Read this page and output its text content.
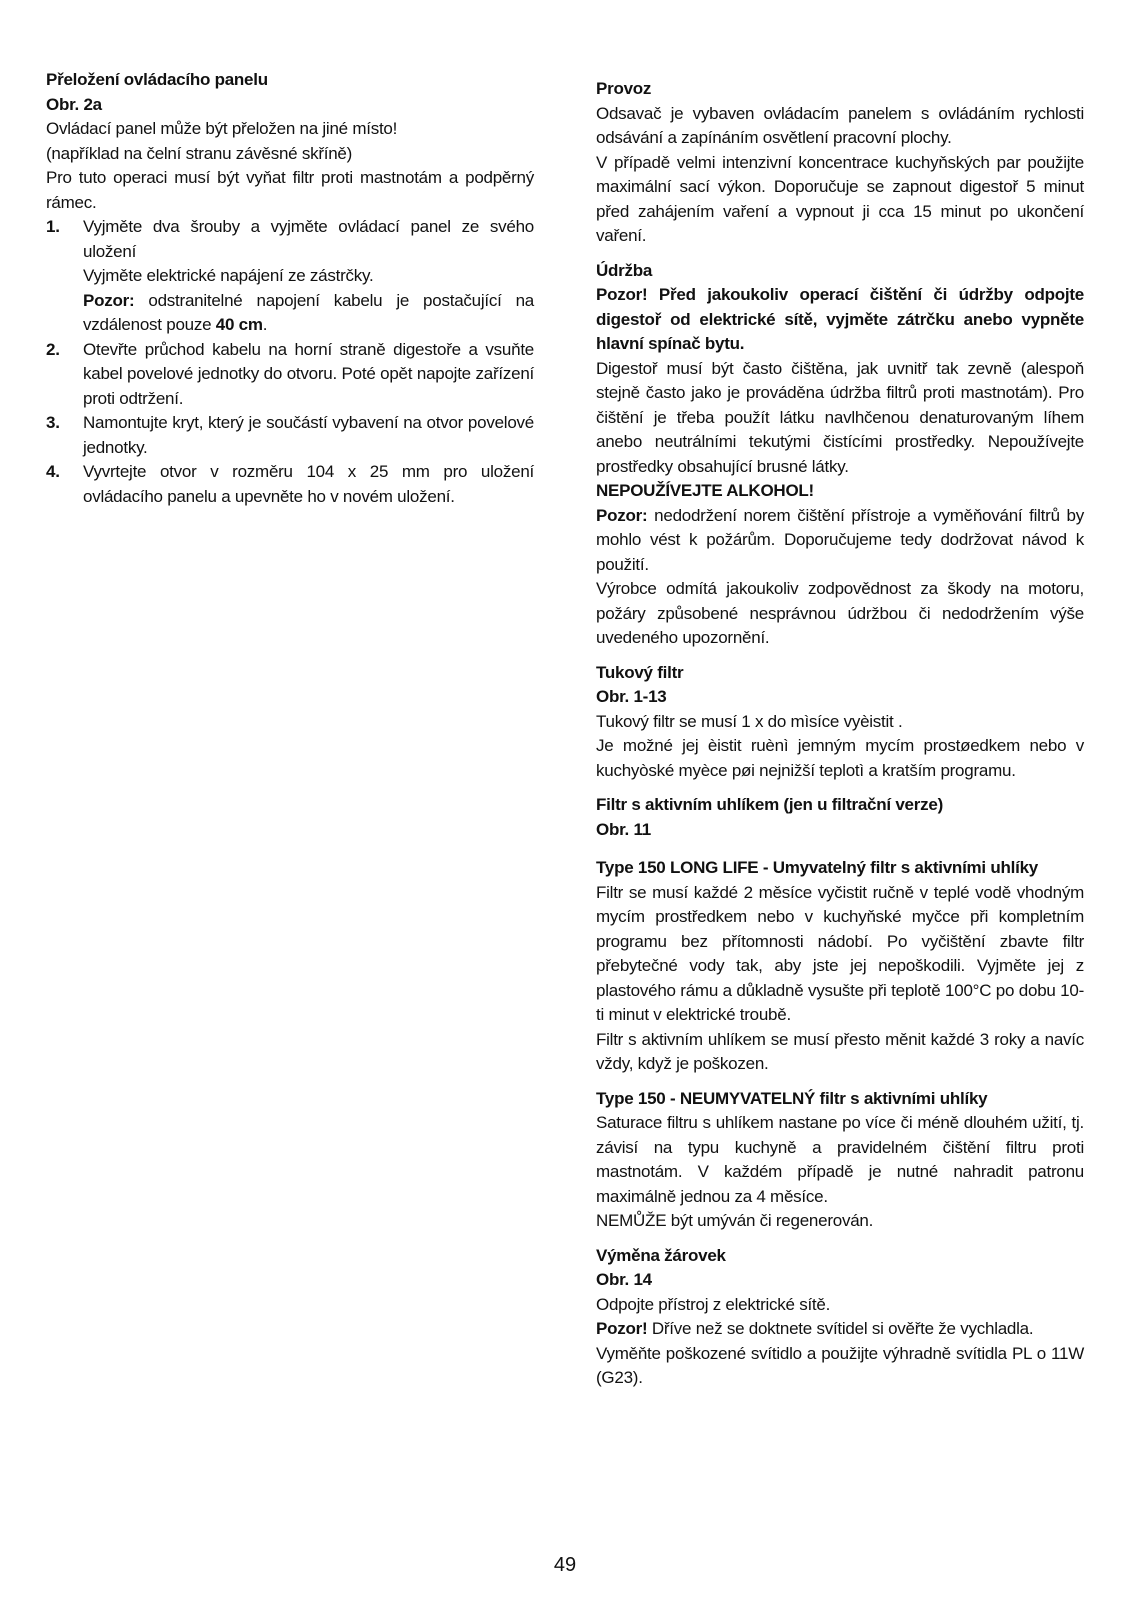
Přeložení ovládacího panelu

Obr. 2a

Ovládací panel může být přeložen na jiné místo!

(například na čelní stranu závěsné skříně)

Pro tuto operaci musí být vyňat filtr proti mastnotám a podpěrný rámec.

1. Vyjměte dva šrouby a vyjměte ovládací panel ze svého uložení

Vyjměte elektrické napájení ze zástrčky.

Pozor: odstranitelné napojení kabelu je postačující na vzdálenost pouze 40 cm.

2. Otevřte průchod kabelu na horní straně digestoře a vsuňte kabel povelové jednotky do otvoru. Poté opět napojte zařízení proti odtržení.

3. Namontujte kryt, který je součástí vybavení na otvor povelové jednotky.

4. Vyvrtejte otvor v rozměru 104 x 25 mm pro uložení ovládacího panelu a upevněte ho v novém uložení.

Provoz

Odsavač je vybaven ovládacím panelem s ovládáním rychlosti odsávání a zapínáním osvětlení pracovní plochy.

V případě velmi intenzivní koncentrace kuchyňských par použijte maximální sací výkon. Doporučuje se zapnout digestoř 5 minut před zahájením vaření a vypnout ji cca 15 minut po ukončení vaření.

Údržba

Pozor! Před jakoukoliv operací čištění či údržby odpojte digestoř od elektrické sítě, vyjměte zátrčku anebo vypněte hlavní spínač bytu.

Digestoř musí být často čištěna, jak uvnitř tak zevně (alespoň stejně často jako je prováděna údržba filtrů proti mastnotám). Pro čištění je třeba použít látku navlhčenou denaturovaným líhem anebo neutrálními tekutými čistícími prostředky. Nepoužívejte prostředky obsahující brusné látky.

NEPOUŽÍVEJTE ALKOHOL!

Pozor: nedodržení norem čištění přístroje a vyměňování filtrů by mohlo vést k požárům. Doporučujeme tedy dodržovat návod k použití.

Výrobce odmítá jakoukoliv zodpovědnost za škody na motoru, požáry způsobené nesprávnou údržbou či nedodržením výše uvedeného upozornění.

Tukový filtr

Obr. 1-13

Tukový filtr se musí 1 x do mìsíce vyèistit .

Je možné jej èistit ruènì jemným mycím prostøedkem nebo v kuchyòské myèce pøi nejnižší teplotì a kratším programu.

Filtr s aktivním uhlíkem (jen u filtrační verze)

Obr. 11

Type 150 LONG LIFE - Umyvatelný filtr s aktivními uhlíky

Filtr se musí každé 2 měsíce vyčistit ručně v teplé vodě vhodným mycím prostředkem nebo v kuchyňské myčce při kompletním programu bez přítomnosti nádobí. Po vyčištění zbavte filtr přebytečné vody tak, aby jste jej nepoškodili. Vyjměte jej z plastového rámu a důkladně vysušte při teplotě 100°C po dobu 10-ti minut v elektrické troubě.

Filtr s aktivním uhlíkem se musí přesto měnit každé 3 roky a navíc vždy, když je poškozen.

Type 150 - NEUMYVATELNÝ filtr s aktivními uhlíky

Saturace filtru s uhlíkem nastane po více či méně dlouhém užití, tj. závisí na typu kuchyně a pravidelném čištění filtru proti mastnotám. V každém případě je nutné nahradit patronu maximálně jednou za 4 měsíce.

NEMŮŽE být umýván či regenerován.

Výměna žárovek

Obr. 14

Odpojte přístroj z elektrické sítě.

Pozor! Dříve než se doktnete svítidel si ověřte že vychladla.

Vyměňte poškozené svítidlo a použijte výhradně svítidla PL o 11W (G23).

49
